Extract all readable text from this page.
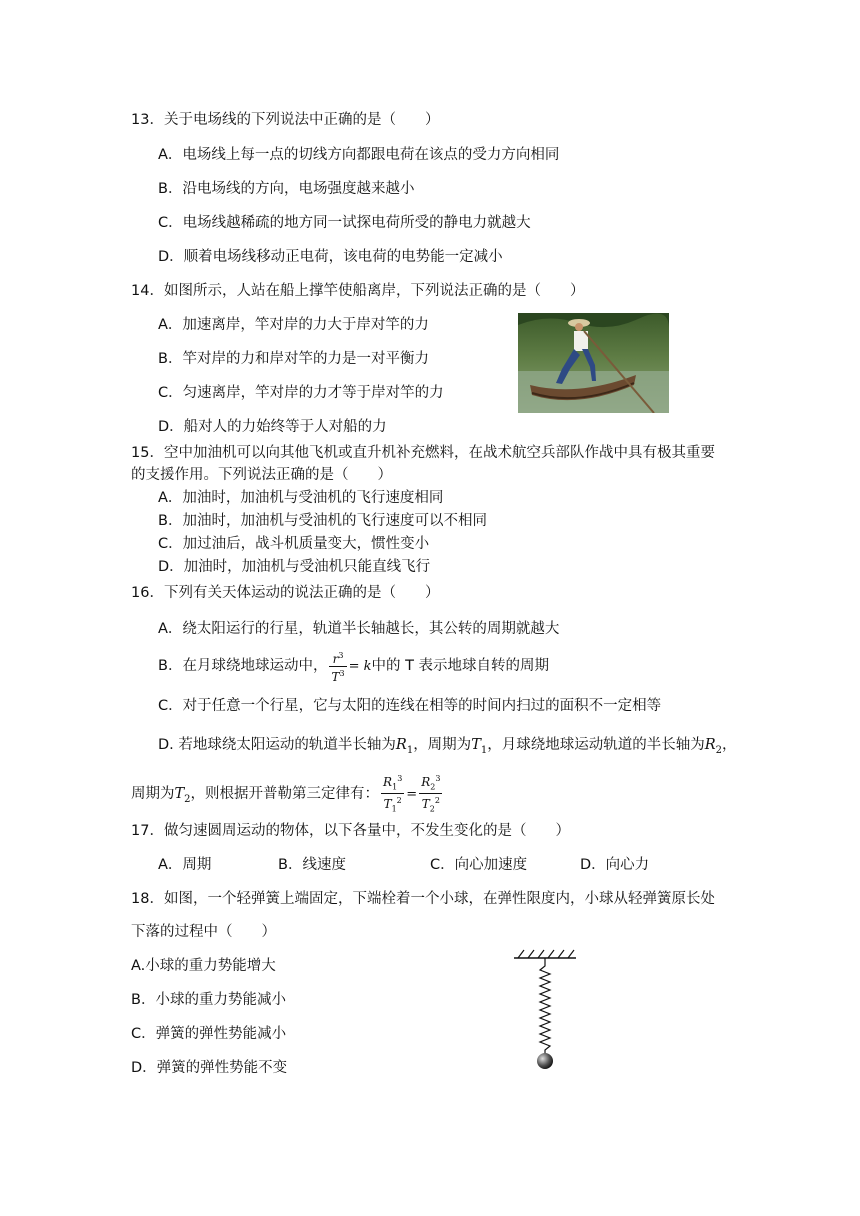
13．关于电场线的下列说法中正确的是（　　）
A．电场线上每一点的切线方向都跟电荷在该点的受力方向相同
B．沿电场线的方向，电场强度越来越小
C．电场线越稀疏的地方同一试探电荷所受的静电力就越大
D．顺着电场线移动正电荷，该电荷的电势能一定减小
14．如图所示，人站在船上撑竿使船离岸，下列说法正确的是（　　）
A．加速离岸，竿对岸的力大于岸对竿的力
B．竿对岸的力和岸对竿的力是一对平衡力
C．匀速离岸，竿对岸的力才等于岸对竿的力
D．船对人的力始终等于人对船的力
15．空中加油机可以向其他飞机或直升机补充燃料，在战术航空兵部队作战中具有极其重要
的支援作用。下列说法正确的是（　　）
A．加油时，加油机与受油机的飞行速度相同
B．加油时，加油机与受油机的飞行速度可以不相同
C．加过油后，战斗机质量变大，惯性变小
D．加油时，加油机与受油机只能直线飞行
16．下列有关天体运动的说法正确的是（　　）
A．绕太阳运行的行星，轨道半长轴越长，其公转的周期就越大
B．在月球绕地球运动中， $\frac{r^3}{T^3} = k$中的 T 表示地球自转的周期
C．对于任意一个行星，它与太阳的连线在相等的时间内扫过的面积不一定相等
D. 若地球绕太阳运动的轨道半长轴为$R_1$，周期为$T_1$，月球绕地球运动轨道的半长轴为$R_2$，
周期为$T_2$，则根据开普勒第三定律有： $\frac{R_1^3}{T_1^2} = \frac{R_2^3}{T_2^2}$
17．做匀速圆周运动的物体，以下各量中，不发生变化的是（　　）
A．周期	B．线速度	C．向心加速度	D．向心力
18．如图，一个轻弹簧上端固定，下端栓着一个小球，在弹性限度内，小球从轻弹簧原长处
下落的过程中（　　）
A.小球的重力势能增大
B．小球的重力势能减小
C．弹簧的弹性势能减小
D．弹簧的弹性势能不变
